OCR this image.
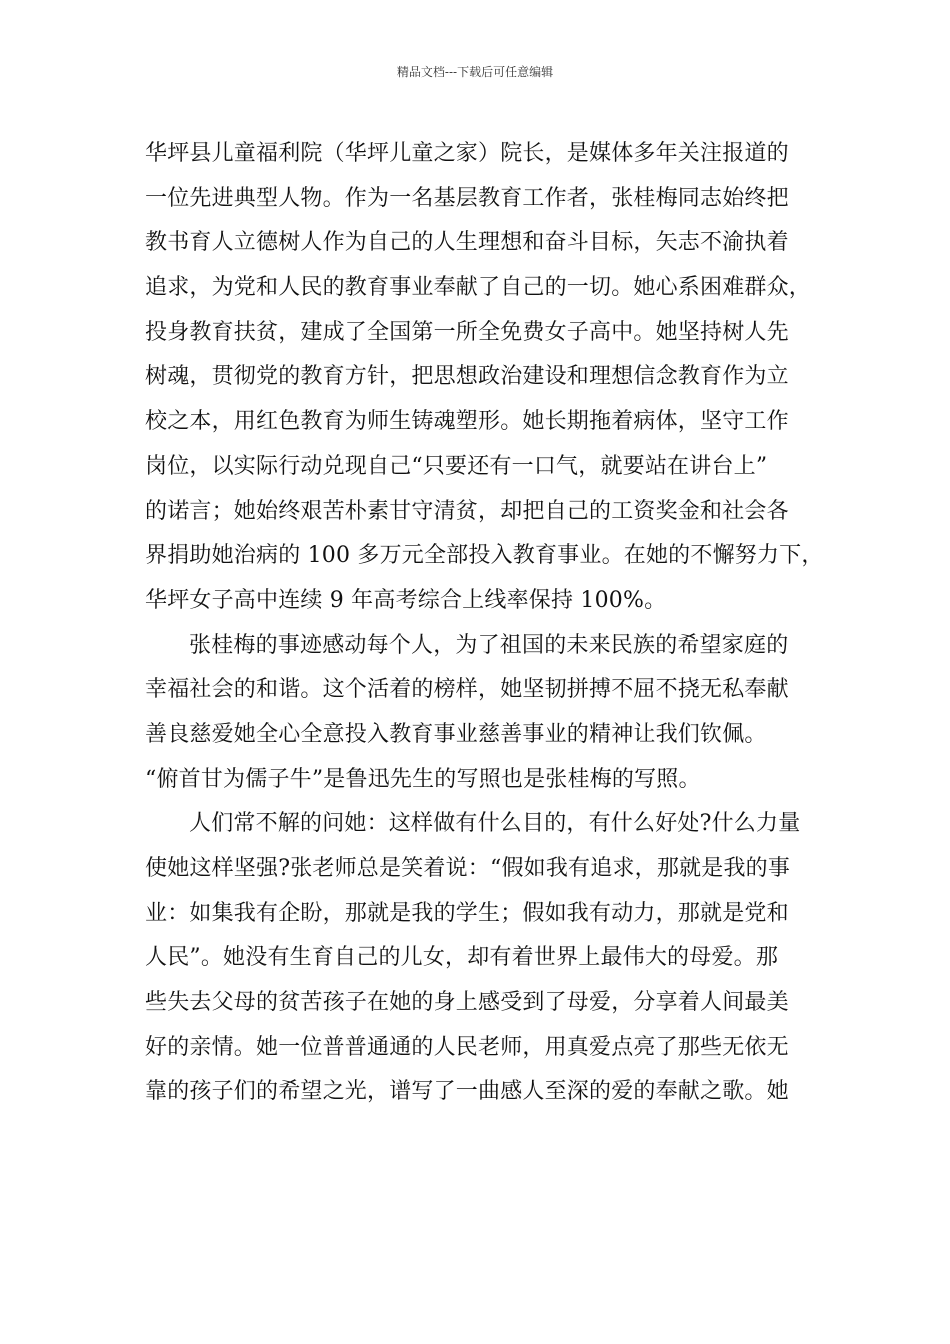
精品文档---下载后可任意编辑
华坪县儿童福利院（华坪儿童之家）院长，是媒体多年关注报道的
一位先进典型人物。作为一名基层教育工作者，张桂梅同志始终把
教书育人立德树人作为自己的人生理想和奋斗目标，矢志不渝执着
追求，为党和人民的教育事业奉献了自己的一切。她心系困难群众，
投身教育扶贫，建成了全国第一所全免费女子高中。她坚持树人先
树魂，贯彻党的教育方针，把思想政治建设和理想信念教育作为立
校之本，用红色教育为师生铸魂塑形。她长期拖着病体，坚守工作
岗位，以实际行动兑现自己“只要还有一口气，就要站在讲台上”
的诺言；她始终艰苦朴素甘守清贫，却把自己的工资奖金和社会各
界捐助她治病的 100 多万元全部投入教育事业。在她的不懈努力下，
华坪女子高中连续 9 年高考综合上线率保持 100%。
张桂梅的事迹感动每个人，为了祖国的未来民族的希望家庭的
幸福社会的和谐。这个活着的榜样，她坚韧拼搏不屈不挠无私奉献
善良慈爱她全心全意投入教育事业慈善事业的精神让我们钦佩。
“俯首甘为儒子牛”是鲁迅先生的写照也是张桂梅的写照。
人们常不解的问她：这样做有什么目的，有什么好处?什么力量
使她这样坚强?张老师总是笑着说：“假如我有追求，那就是我的事
业：如集我有企盼，那就是我的学生；假如我有动力，那就是党和
人民”。她没有生育自己的儿女，却有着世界上最伟大的母爱。那
些失去父母的贫苦孩子在她的身上感受到了母爱，分享着人间最美
好的亲情。她一位普普通通的人民老师，用真爱点亮了那些无依无
靠的孩子们的希望之光，谱写了一曲感人至深的爱的奉献之歌。她
